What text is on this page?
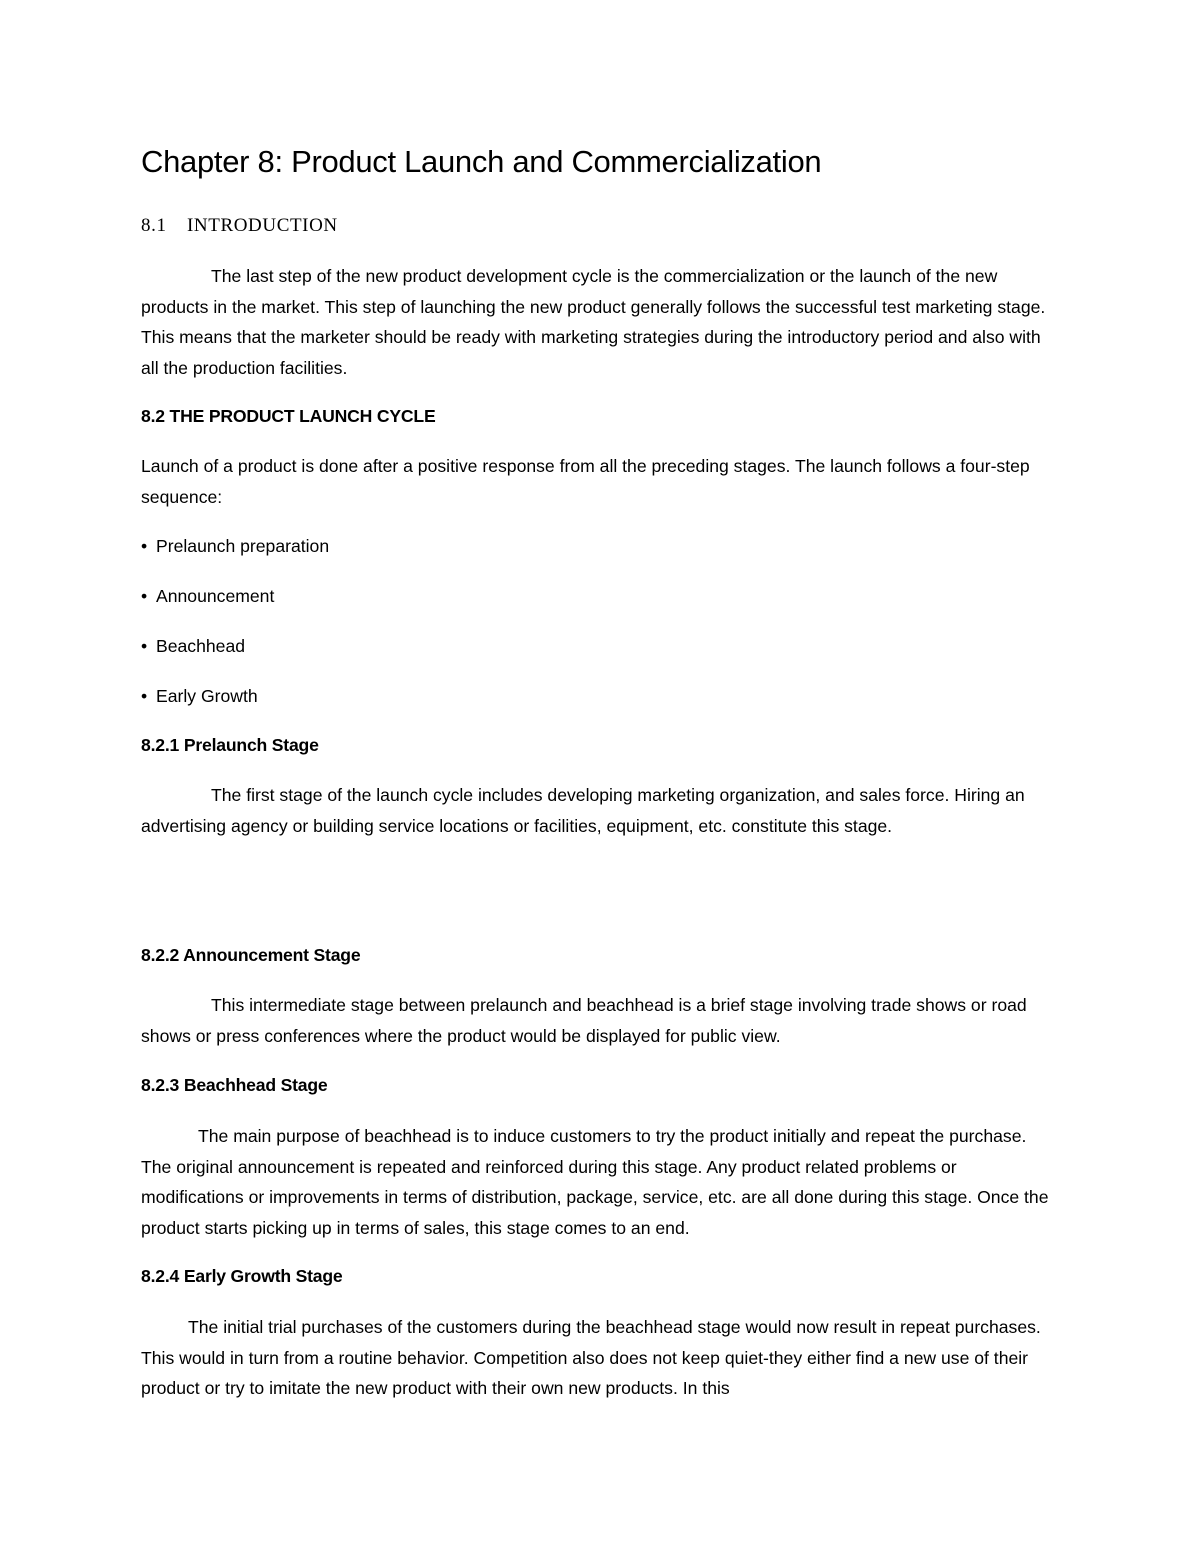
Chapter 8: Product Launch and Commercialization
8.1 INTRODUCTION

The last step of the new product development cycle is the commercialization or the launch of the new products in the market. This step of launching the new product generally follows the successful test marketing stage. This means that the marketer should be ready with marketing strategies during the introductory period and also with all the production facilities.

8.2 THE PRODUCT LAUNCH CYCLE

Launch of a product is done after a positive response from all the preceding stages. The launch follows a four-step sequence:

• Prelaunch preparation
• Announcement
• Beachhead
• Early Growth
8.2.1 Prelaunch Stage

The first stage of the launch cycle includes developing marketing organization, and sales force. Hiring an advertising agency or building service locations or facilities, equipment, etc. constitute this stage.

8.2.2 Announcement Stage

This intermediate stage between prelaunch and beachhead is a brief stage involving trade shows or road shows or press conferences where the product would be displayed for public view.

8.2.3 Beachhead Stage

The main purpose of beachhead is to induce customers to try the product initially and repeat the purchase. The original announcement is repeated and reinforced during this stage. Any product related problems or modifications or improvements in terms of distribution, package, service, etc. are all done during this stage. Once the product starts picking up in terms of sales, this stage comes to an end.

8.2.4 Early Growth Stage

The initial trial purchases of the customers during the beachhead stage would now result in repeat purchases. This would in turn from a routine behavior. Competition also does not keep quiet-they either find a new use of their product or try to imitate the new product with their own new products. In this
